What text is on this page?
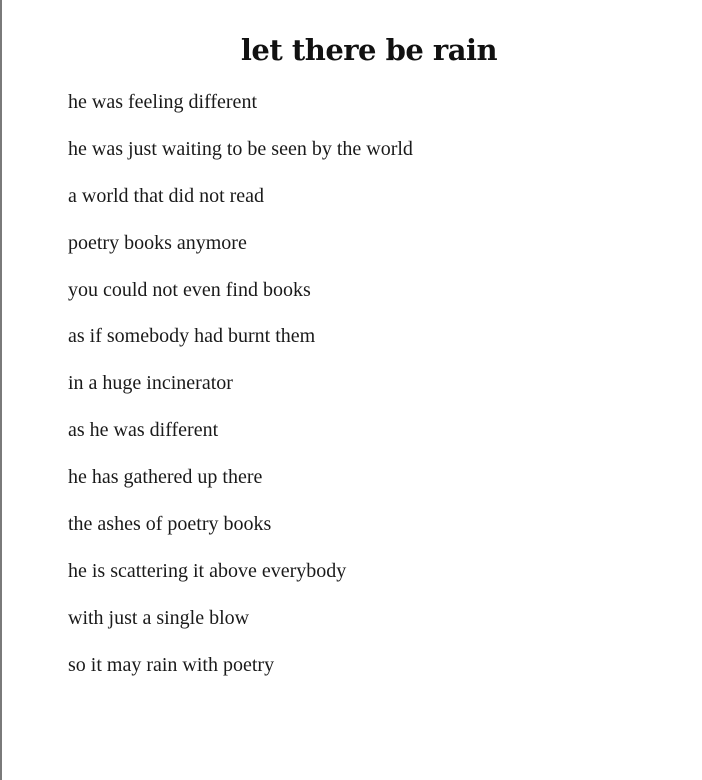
let there be rain
he was feeling different
he was just waiting to be seen by the world
a world that did not read
poetry books anymore
you could not even find books
as if somebody had burnt them
in a huge incinerator
as he was different
he has gathered up there
the ashes of poetry books
he is scattering it above everybody
with just a single blow
so it may rain with poetry
